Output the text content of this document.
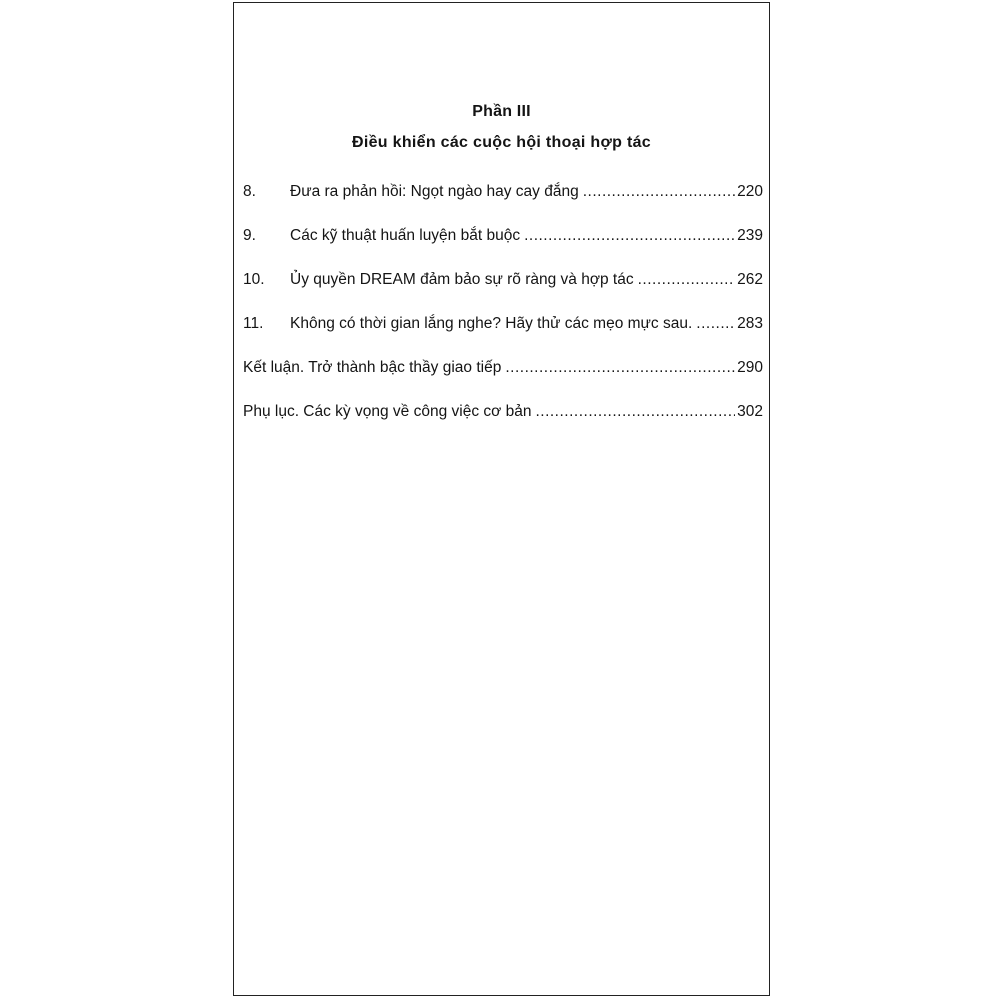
Phần III
Điều khiển các cuộc hội thoại hợp tác
8.	Đưa ra phản hồi: Ngọt ngào hay cay đắng .....	220
9.	Các kỹ thuật huấn luyện bắt buộc .....	239
10.	Ủy quyền DREAM đảm bảo sự rõ ràng và hợp tác .....	262
11.	Không có thời gian lắng nghe? Hãy thử các mẹo mực sau. .....	283
Kết luận. Trở thành bậc thầy giao tiếp .....	290
Phụ lục. Các kỳ vọng về công việc cơ bản .....	302
